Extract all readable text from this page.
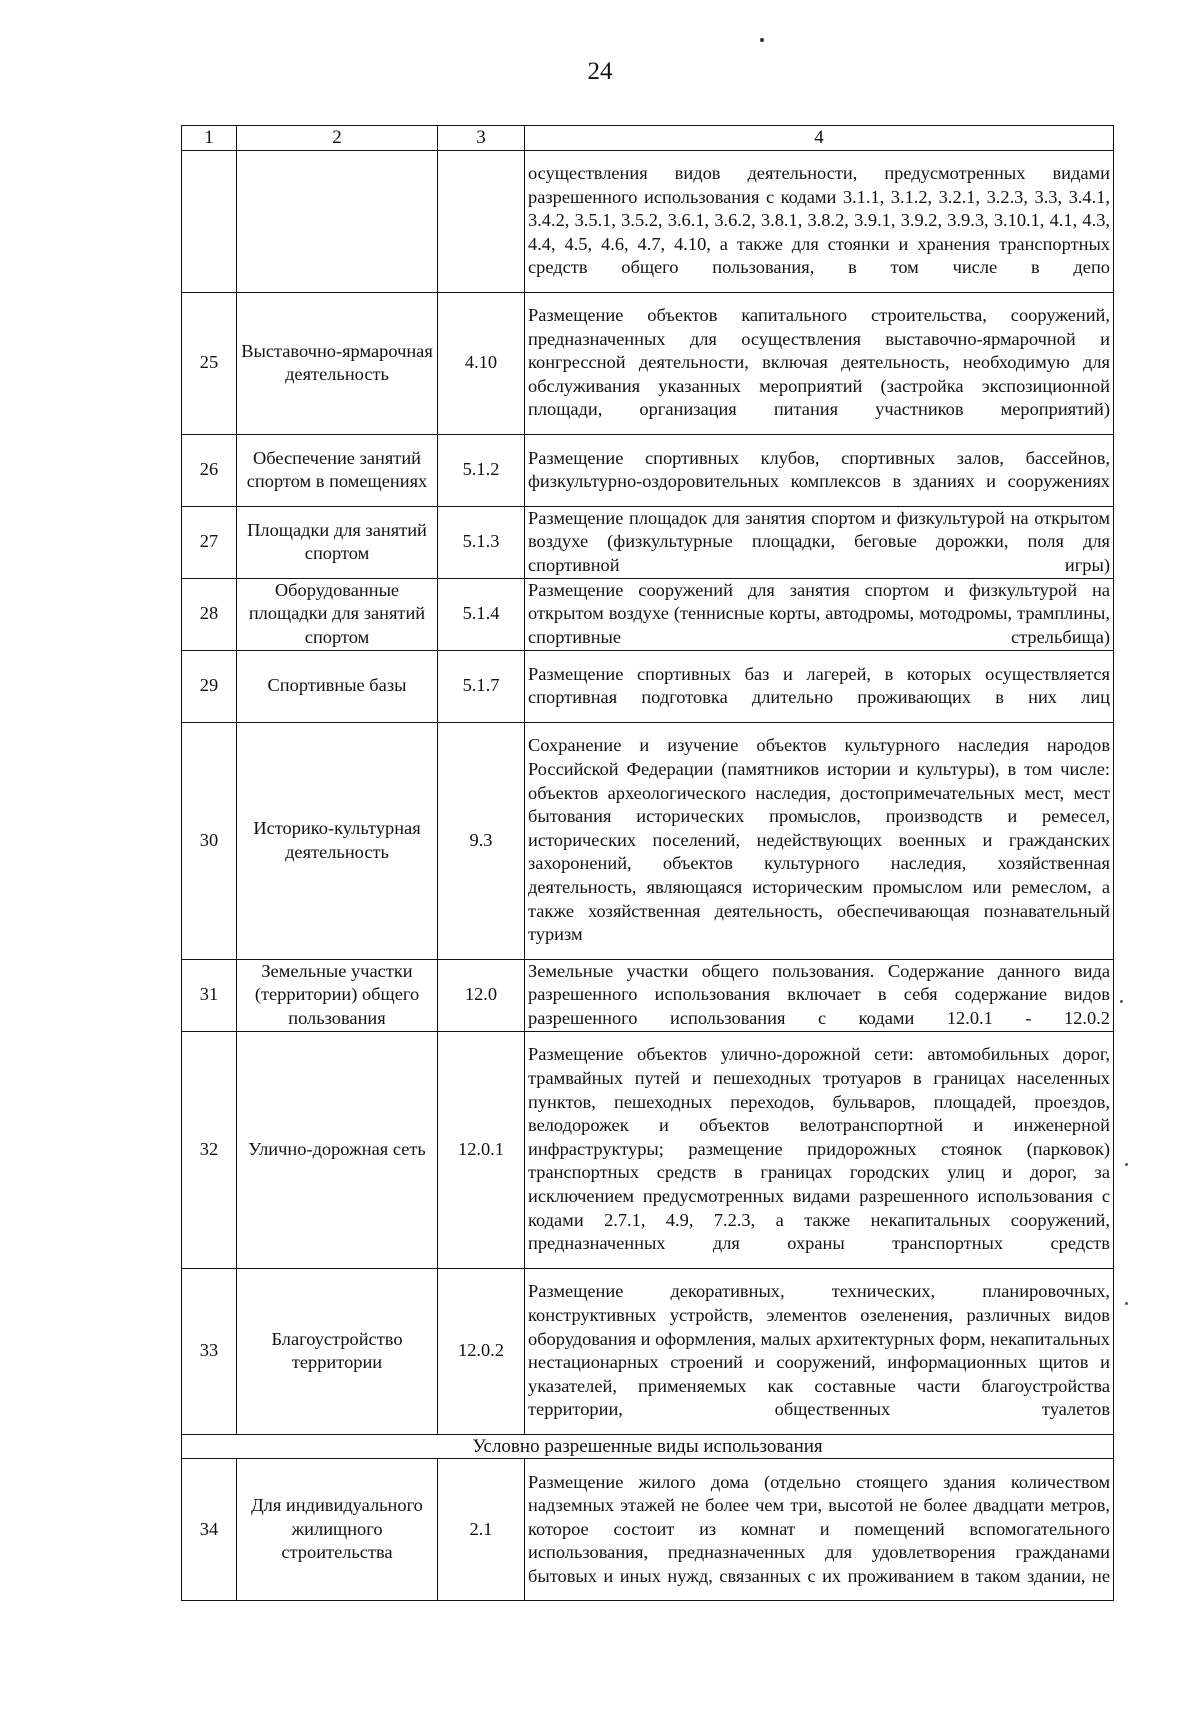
24
1	2	3	4
			осуществления видов деятельности, предусмотренных видами разрешенного использования с кодами 3.1.1, 3.1.2, 3.2.1, 3.2.3, 3.3, 3.4.1, 3.4.2, 3.5.1, 3.5.2, 3.6.1, 3.6.2, 3.8.1, 3.8.2, 3.9.1, 3.9.2, 3.9.3, 3.10.1, 4.1, 4.3, 4.4, 4.5, 4.6, 4.7, 4.10, а также для стоянки и хранения транспортных средств общего пользования, в том числе в депо
25	Выставочно-ярмарочная деятельность	4.10	Размещение объектов капитального строительства, сооружений, предназначенных для осуществления выставочно-ярмарочной и конгрессной деятельности, включая деятельность, необходимую для обслуживания указанных мероприятий (застройка экспозиционной площади, организация питания участников мероприятий)
26	Обеспечение занятий спортом в помещениях	5.1.2	Размещение спортивных клубов, спортивных залов, бассейнов, физкультурно-оздоровительных комплексов в зданиях и сооружениях
27	Площадки для занятий спортом	5.1.3	Размещение площадок для занятия спортом и физкультурой на открытом воздухе (физкультурные площадки, беговые дорожки, поля для спортивной игры)
28	Оборудованные площадки для занятий спортом	5.1.4	Размещение сооружений для занятия спортом и физкультурой на открытом воздухе (теннисные корты, автодромы, мотодромы, трамплины, спортивные стрельбища)
29	Спортивные базы	5.1.7	Размещение спортивных баз и лагерей, в которых осуществляется спортивная подготовка длительно проживающих в них лиц
30	Историко-культурная деятельность	9.3	Сохранение и изучение объектов культурного наследия народов Российской Федерации (памятников истории и культуры), в том числе: объектов археологического наследия, достопримечательных мест, мест бытования исторических промыслов, производств и ремесел, исторических поселений, недействующих военных и гражданских захоронений, объектов культурного наследия, хозяйственная деятельность, являющаяся историческим промыслом или ремеслом, а также хозяйственная деятельность, обеспечивающая познавательный туризм
31	Земельные участки (территории) общего пользования	12.0	Земельные участки общего пользования. Содержание данного вида разрешенного использования включает в себя содержание видов разрешенного использования с кодами 12.0.1 - 12.0.2
32	Улично-дорожная сеть	12.0.1	Размещение объектов улично-дорожной сети: автомобильных дорог, трамвайных путей и пешеходных тротуаров в границах населенных пунктов, пешеходных переходов, бульваров, площадей, проездов, велодорожек и объектов велотранспортной и инженерной инфраструктуры; размещение придорожных стоянок (парковок) транспортных средств в границах городских улиц и дорог, за исключением предусмотренных видами разрешенного использования с кодами 2.7.1, 4.9, 7.2.3, а также некапитальных сооружений, предназначенных для охраны транспортных средств
33	Благоустройство территории	12.0.2	Размещение декоративных, технических, планировочных, конструктивных устройств, элементов озеленения, различных видов оборудования и оформления, малых архитектурных форм, некапитальных нестационарных строений и сооружений, информационных щитов и указателей, применяемых как составные части благоустройства территории, общественных туалетов
Условно разрешенные виды использования			
34	Для индивидуального жилищного строительства	2.1	Размещение жилого дома (отдельно стоящего здания количеством надземных этажей не более чем три, высотой не более двадцати метров, которое состоит из комнат и помещений вспомогательного использования, предназначенных для удовлетворения гражданами бытовых и иных нужд, связанных с их проживанием в таком здании, не
